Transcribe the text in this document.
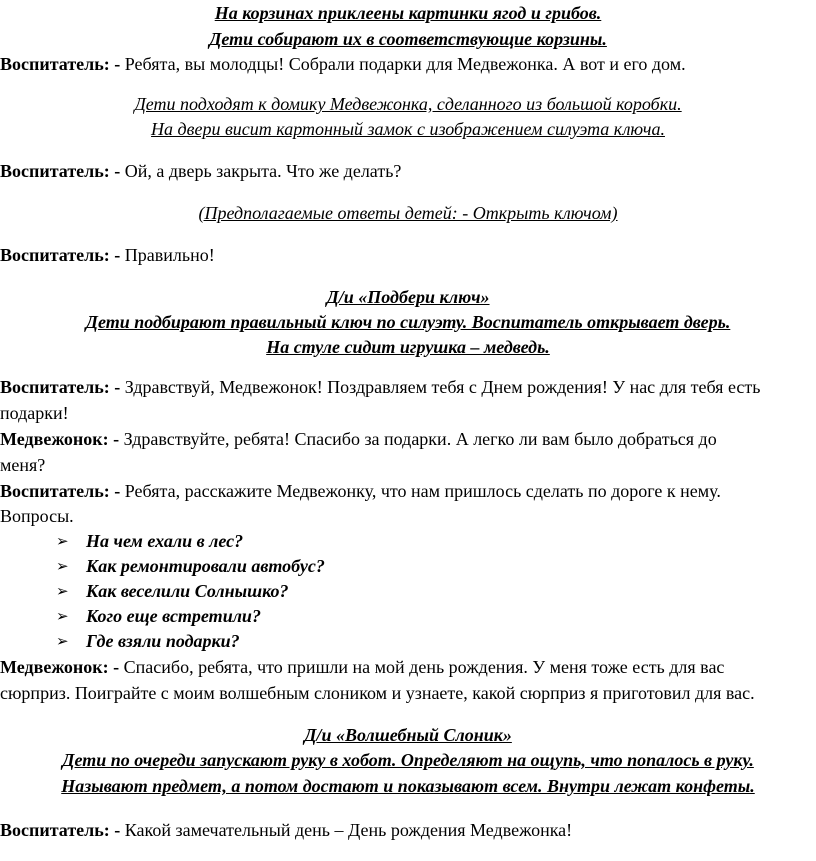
На корзинах приклеены картинки ягод и грибов.
Дети собирают их в соответствующие корзины.
Воспитатель: - Ребята, вы молодцы! Собрали подарки для Медвежонка. А вот и его дом.
Дети подходят к домику Медвежонка, сделанного из большой коробки.
На двери висит картонный замок с изображением силуэта ключа.
Воспитатель: - Ой, а дверь закрыта. Что же делать?
(Предполагаемые ответы детей: - Открыть ключом)
Воспитатель: - Правильно!
Д/и «Подбери ключ»
Дети подбирают правильный ключ по силуэту. Воспитатель открывает дверь.
На стуле сидит игрушка – медведь.
Воспитатель: - Здравствуй, Медвежонок! Поздравляем тебя с Днем рождения! У нас для тебя есть
подарки!
Медвежонок: - Здравствуйте, ребята! Спасибо за подарки. А легко ли вам было добраться до
меня?
Воспитатель: - Ребята, расскажите Медвежонку, что нам пришлось сделать по дороге к нему.
Вопросы.
➢ На чем ехали в лес?
➢ Как ремонтировали автобус?
➢ Как веселили Солнышко?
➢ Кого еще встретили?
➢ Где взяли подарки?
Медвежонок: - Спасибо, ребята, что пришли на мой день рождения. У меня тоже есть для вас
сюрприз. Поиграйте с моим волшебным слоником и узнаете, какой сюрприз я приготовил для вас.
Д/и «Волшебный Слоник»
Дети по очереди запускают руку в хобот. Определяют на ощупь, что попалось в руку.
Называют предмет, а потом достают и показывают всем. Внутри лежат конфеты.
Воспитатель: - Какой замечательный день – День рождения Медвежонка!
